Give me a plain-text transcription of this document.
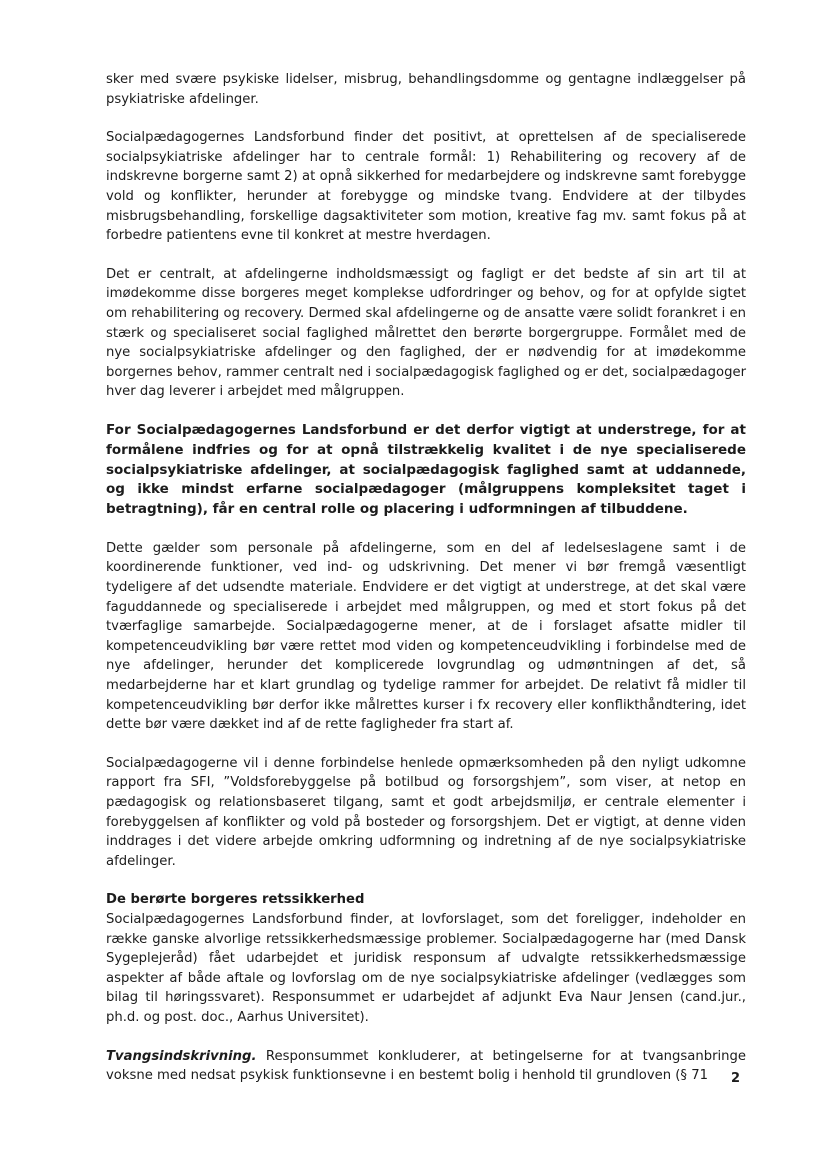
sker med svære psykiske lidelser, misbrug, behandlingsdomme og gentagne indlæggelser på psykiatriske afdelinger.

Socialpædagogernes Landsforbund finder det positivt, at oprettelsen af de specialiserede socialpsykiatriske afdelinger har to centrale formål: 1) Rehabilitering og recovery af de indskrevne borgerne samt 2) at opnå sikkerhed for medarbejdere og indskrevne samt forebygge vold og konflikter, herunder at forebygge og mindske tvang. Endvidere at der tilbydes misbrugsbehandling, forskellige dagsaktiviteter som motion, kreative fag mv. samt fokus på at forbedre patientens evne til konkret at mestre hverdagen.

Det er centralt, at afdelingerne indholdsmæssigt og fagligt er det bedste af sin art til at imødekomme disse borgeres meget komplekse udfordringer og behov, og for at opfylde sigtet om rehabilitering og recovery. Dermed skal afdelingerne og de ansatte være solidt forankret i en stærk og specialiseret social faglighed målrettet den berørte borgergruppe. Formålet med de nye socialpsykiatriske afdelinger og den faglighed, der er nødvendig for at imødekomme borgernes behov, rammer centralt ned i socialpædagogisk faglighed og er det, socialpædagoger hver dag leverer i arbejdet med målgruppen.

For Socialpædagogernes Landsforbund er det derfor vigtigt at understrege, for at formålene indfries og for at opnå tilstrækkelig kvalitet i de nye specialiserede socialpsykiatriske afdelinger, at socialpædagogisk faglighed samt at uddannede, og ikke mindst erfarne socialpædagoger (målgruppens kompleksitet taget i betragtning), får en central rolle og placering i udformningen af tilbuddene.

Dette gælder som personale på afdelingerne, som en del af ledelseslagene samt i de koordinerende funktioner, ved ind- og udskrivning. Det mener vi bør fremgå væsentligt tydeligere af det udsendte materiale. Endvidere er det vigtigt at understrege, at det skal være faguddannede og specialiserede i arbejdet med målgruppen, og med et stort fokus på det tværfaglige samarbejde. Socialpædagogerne mener, at de i forslaget afsatte midler til kompetenceudvikling bør være rettet mod viden og kompetenceudvikling i forbindelse med de nye afdelinger, herunder det komplicerede lovgrundlag og udmøntningen af det, så medarbejderne har et klart grundlag og tydelige rammer for arbejdet. De relativt få midler til kompetenceudvikling bør derfor ikke målrettes kurser i fx recovery eller konflikthåndtering, idet dette bør være dækket ind af de rette fagligheder fra start af.

Socialpædagogerne vil i denne forbindelse henlede opmærksomheden på den nyligt udkomne rapport fra SFI, ”Voldsforebyggelse på botilbud og forsorgshjem”, som viser, at netop en pædagogisk og relationsbaseret tilgang, samt et godt arbejdsmiljø, er centrale elementer i forebyggelsen af konflikter og vold på bosteder og forsorgshjem. Det er vigtigt, at denne viden inddrages i det videre arbejde omkring udformning og indretning af de nye socialpsykiatriske afdelinger.

De berørte borgeres retssikkerhed

Socialpædagogernes Landsforbund finder, at lovforslaget, som det foreligger, indeholder en række ganske alvorlige retssikkerhedsmæssige problemer. Socialpædagogerne har (med Dansk Sygeplejeråd) fået udarbejdet et juridisk responsum af udvalgte retssikkerhedsmæssige aspekter af både aftale og lovforslag om de nye socialpsykiatriske afdelinger (vedlægges som bilag til høringssvaret). Responsummet er udarbejdet af adjunkt Eva Naur Jensen (cand.jur., ph.d. og post. doc., Aarhus Universitet).

Tvangsindskrivning. Responsummet konkluderer, at betingelserne for at tvangsanbringe voksne med nedsat psykisk funktionsevne i en bestemt bolig i henhold til grundloven (§ 71	2
